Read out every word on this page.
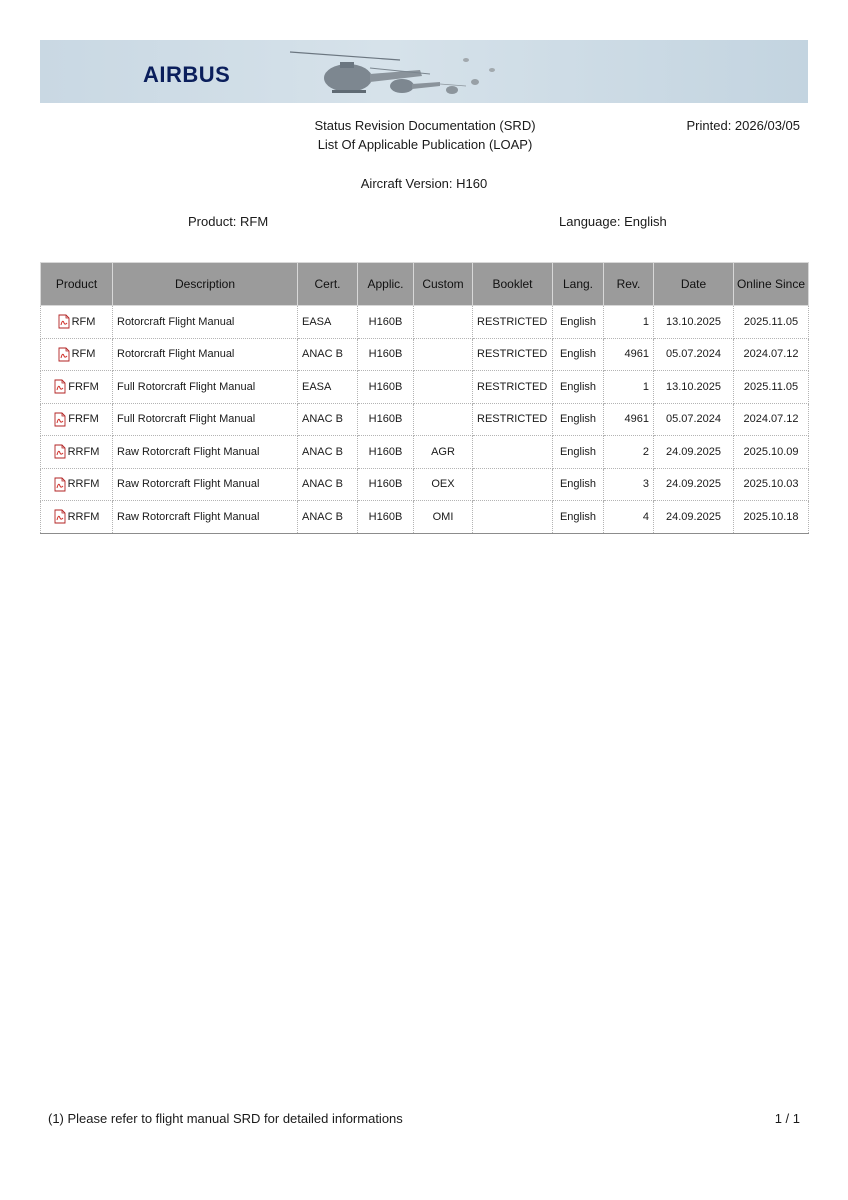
AIRBUS
Status Revision Documentation (SRD)
List Of Applicable Publication (LOAP)
Printed: 2026/03/05
Aircraft Version: H160
Product: RFM	Language: English
Product	Description	Cert.	Applic.	Custom	Booklet	Lang.	Rev.	Date	Online Since

RFM	Rotorcraft Flight Manual	EASA	H160B		RESTRICTED	English	1	13.10.2025	2025.11.05

RFM	Rotorcraft Flight Manual	ANAC B	H160B		RESTRICTED	English	4961	05.07.2024	2024.07.12

FRFM	Full Rotorcraft Flight Manual	EASA	H160B		RESTRICTED	English	1	13.10.2025	2025.11.05

FRFM	Full Rotorcraft Flight Manual	ANAC B	H160B		RESTRICTED	English	4961	05.07.2024	2024.07.12

RRFM	Raw Rotorcraft Flight Manual	ANAC B	H160B	AGR		English	2	24.09.2025	2025.10.09

RRFM	Raw Rotorcraft Flight Manual	ANAC B	H160B	OEX		English	3	24.09.2025	2025.10.03

RRFM	Raw Rotorcraft Flight Manual	ANAC B	H160B	OMI		English	4	24.09.2025	2025.10.18
(1) Please refer to flight manual SRD for detailed informations	1 / 1
